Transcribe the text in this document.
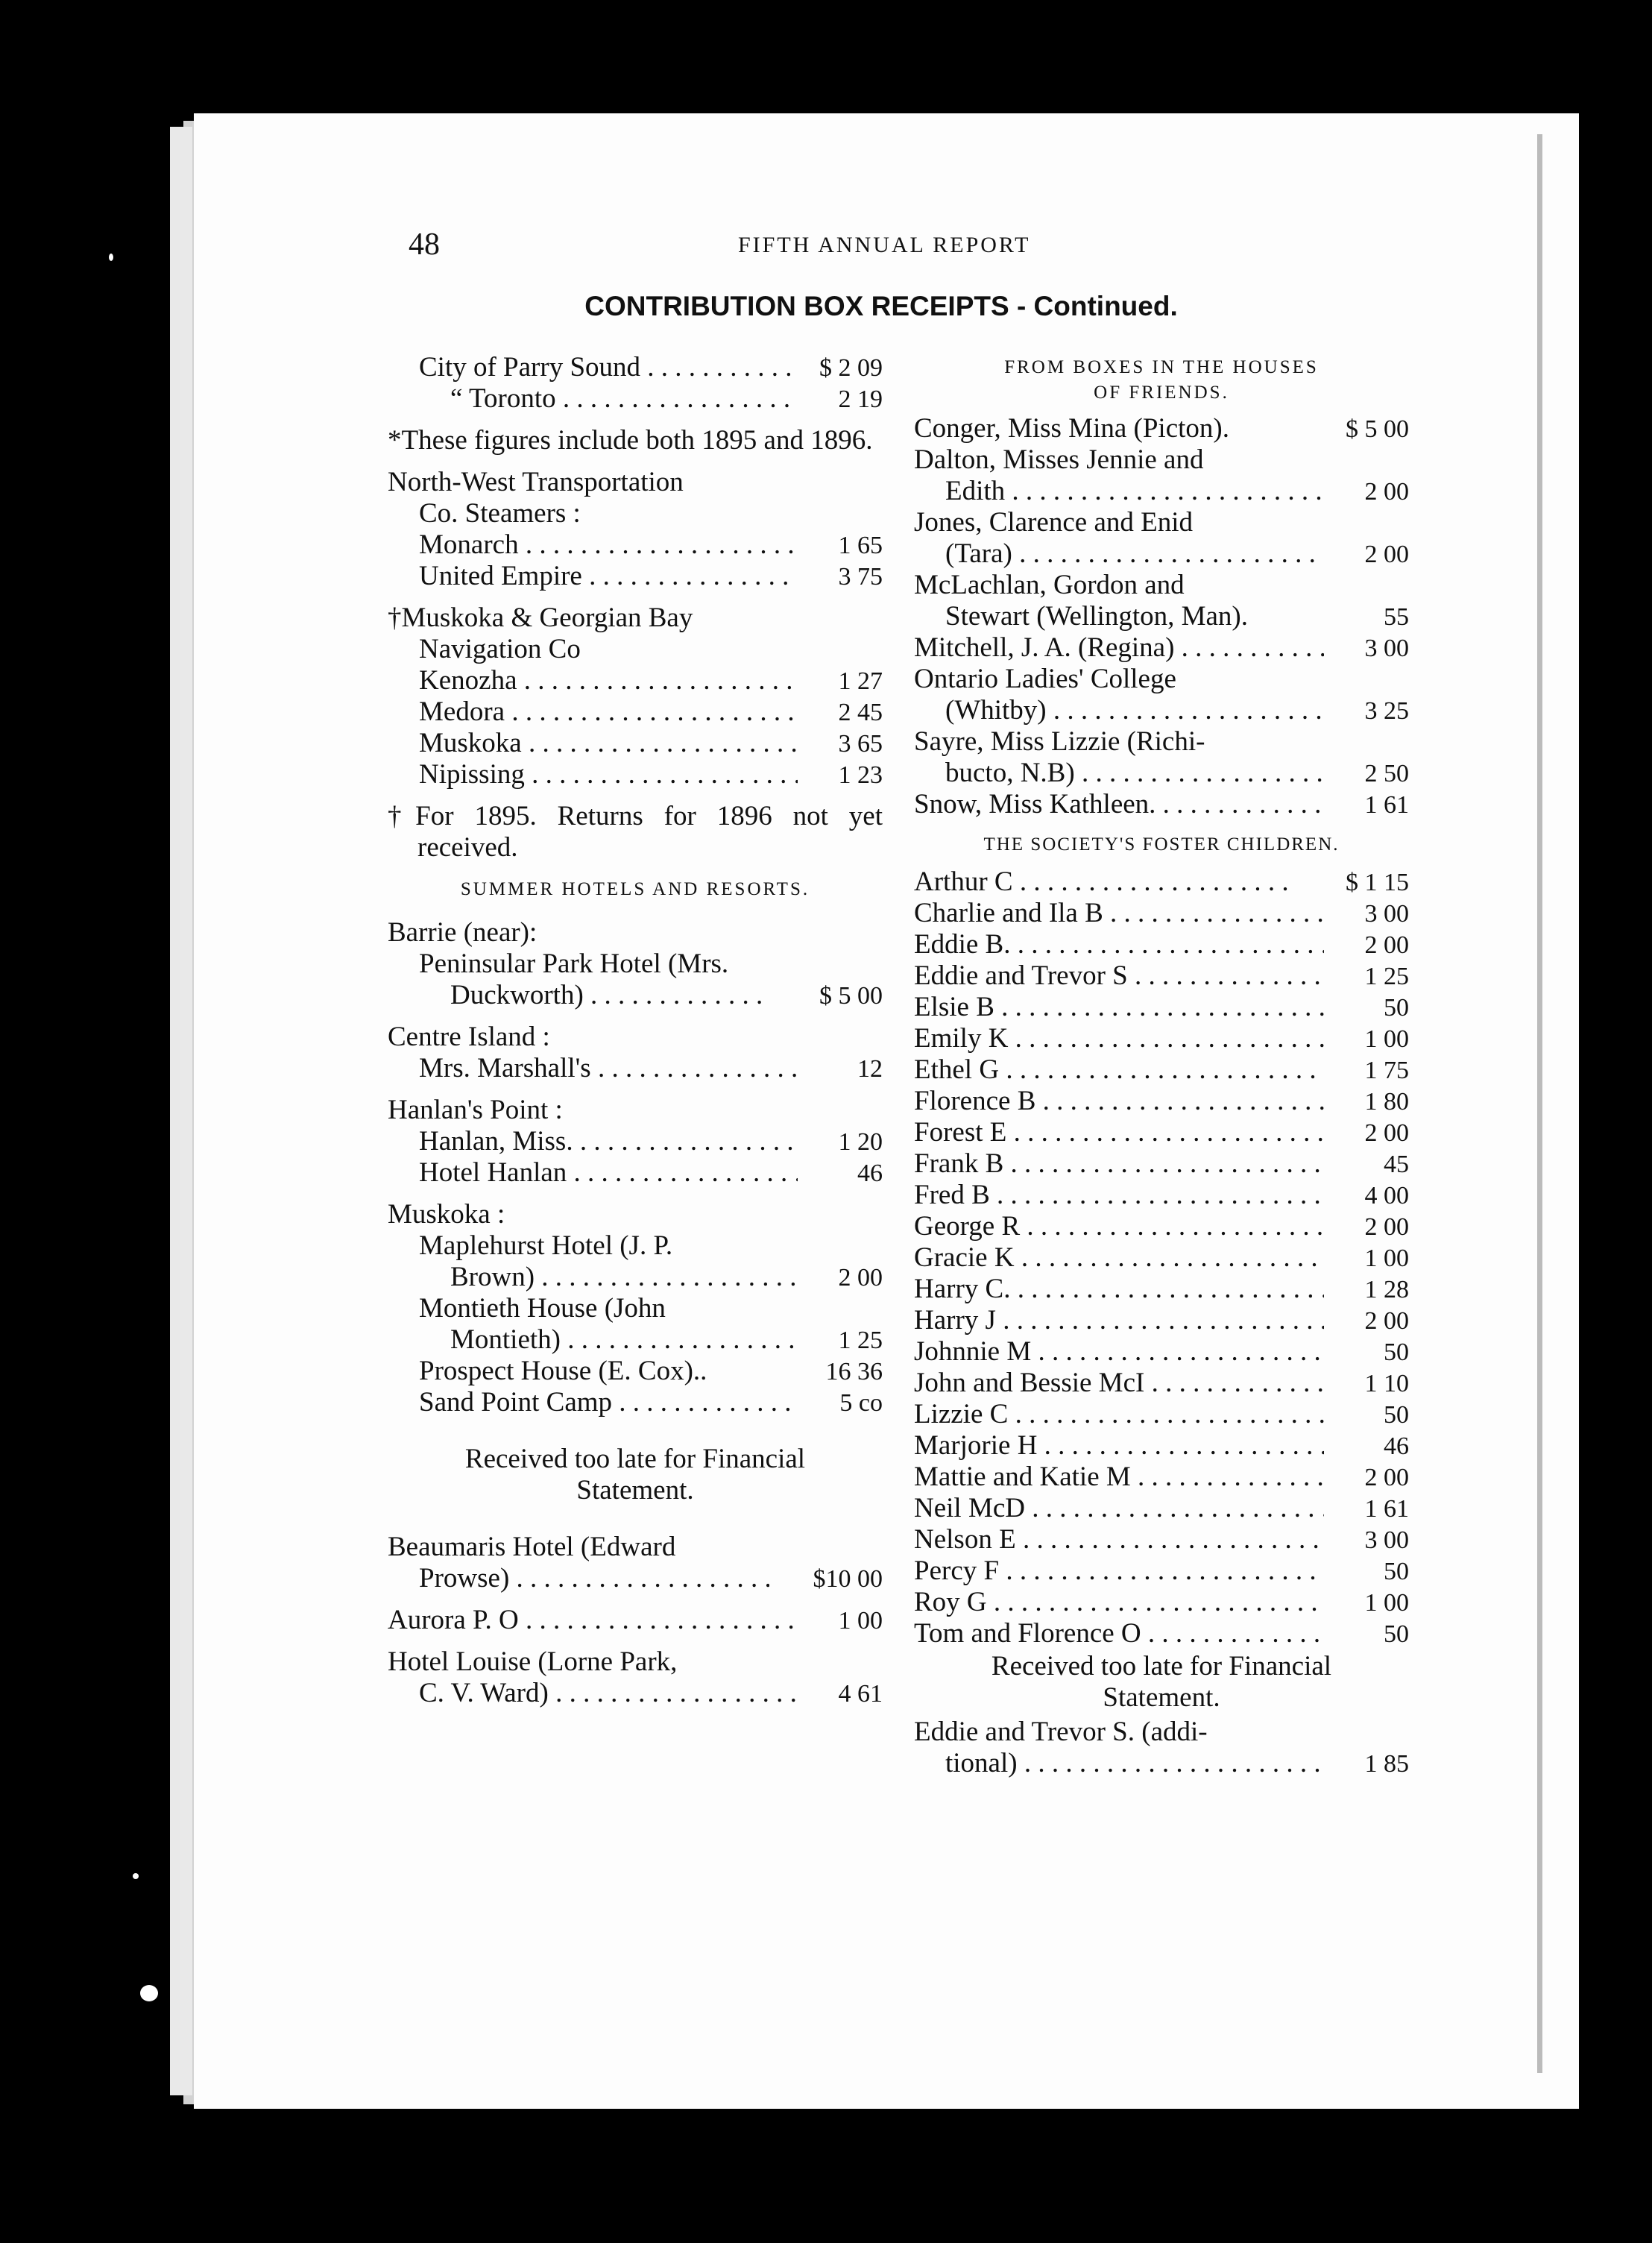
48	FIFTH ANNUAL REPORT
CONTRIBUTION BOX RECEIPTS - Continued.
City of Parry Sound . . .	$ 2 09
“ Toronto . . .	2 19
*These figures include both 1895 and 1896.
North-West Transportation
Co. Steamers :
Monarch . . .	1 65
United Empire . . .	3 75
†Muskoka & Georgian Bay
Navigation Co
Kenozha . . .	1 27
Medora . . .	2 45
Muskoka . . .	3 65
Nipissing . . .	1 23
†For 1895. Returns for 1896 not yet received.
SUMMER HOTELS AND RESORTS.
Barrie (near):
Peninsular Park Hotel (Mrs.
Duckworth) . . .	$ 5 00
Centre Island :
Mrs. Marshall's . . .	12
Hanlan's Point :
Hanlan, Miss. . . .	1 20
Hotel Hanlan . . .	46
Muskoka :
Maplehurst Hotel (J. P.
Brown) . . .	2 00
Montieth House (John
Montieth) . . .	1 25
Prospect House (E. Cox)..	16 36
Sand Point Camp . . .	5 co
Received too late for Financial Statement.
Beaumaris Hotel (Edward
Prowse) . . .	$10 00
Aurora P. O . . .	1 00
Hotel Louise (Lorne Park,
C. V. Ward) . . .	4 61
FROM BOXES IN THE HOUSES
OF FRIENDS.
Conger, Miss Mina (Picton).	$ 5 00
Dalton, Misses Jennie and
Edith . . .	2 00
Jones, Clarence and Enid
(Tara) . . .	2 00
McLachlan, Gordon and
Stewart (Wellington, Man).	55
Mitchell, J. A. (Regina) . . .	3 00
Ontario Ladies' College
(Whitby) . . .	3 25
Sayre, Miss Lizzie (Richi-
bucto, N.B) . . .	2 50
Snow, Miss Kathleen. . . .	1 61
THE SOCIETY'S FOSTER CHILDREN.
Arthur C . . .	$ 1 15
Charlie and Ila B . . .	3 00
Eddie B. . . .	2 00
Eddie and Trevor S . . .	1 25
Elsie B . . .	50
Emily K . . .	1 00
Ethel G . . .	1 75
Florence B . . .	1 80
Forest E . . .	2 00
Frank B . . .	45
Fred B . . .	4 00
George R . . .	2 00
Gracie K . . .	1 00
Harry C. . . .	1 28
Harry J . . .	2 00
Johnnie M . . .	50
John and Bessie McI . . .	1 10
Lizzie C . . .	50
Marjorie H . . .	46
Mattie and Katie M . . .	2 00
Neil McD . . .	1 61
Nelson E . . .	3 00
Percy F . . .	50
Roy G . . .	1 00
Tom and Florence O . . .	50
Received too late for Financial Statement.
Eddie and Trevor S. (addi-
tional) . . .	1 85
